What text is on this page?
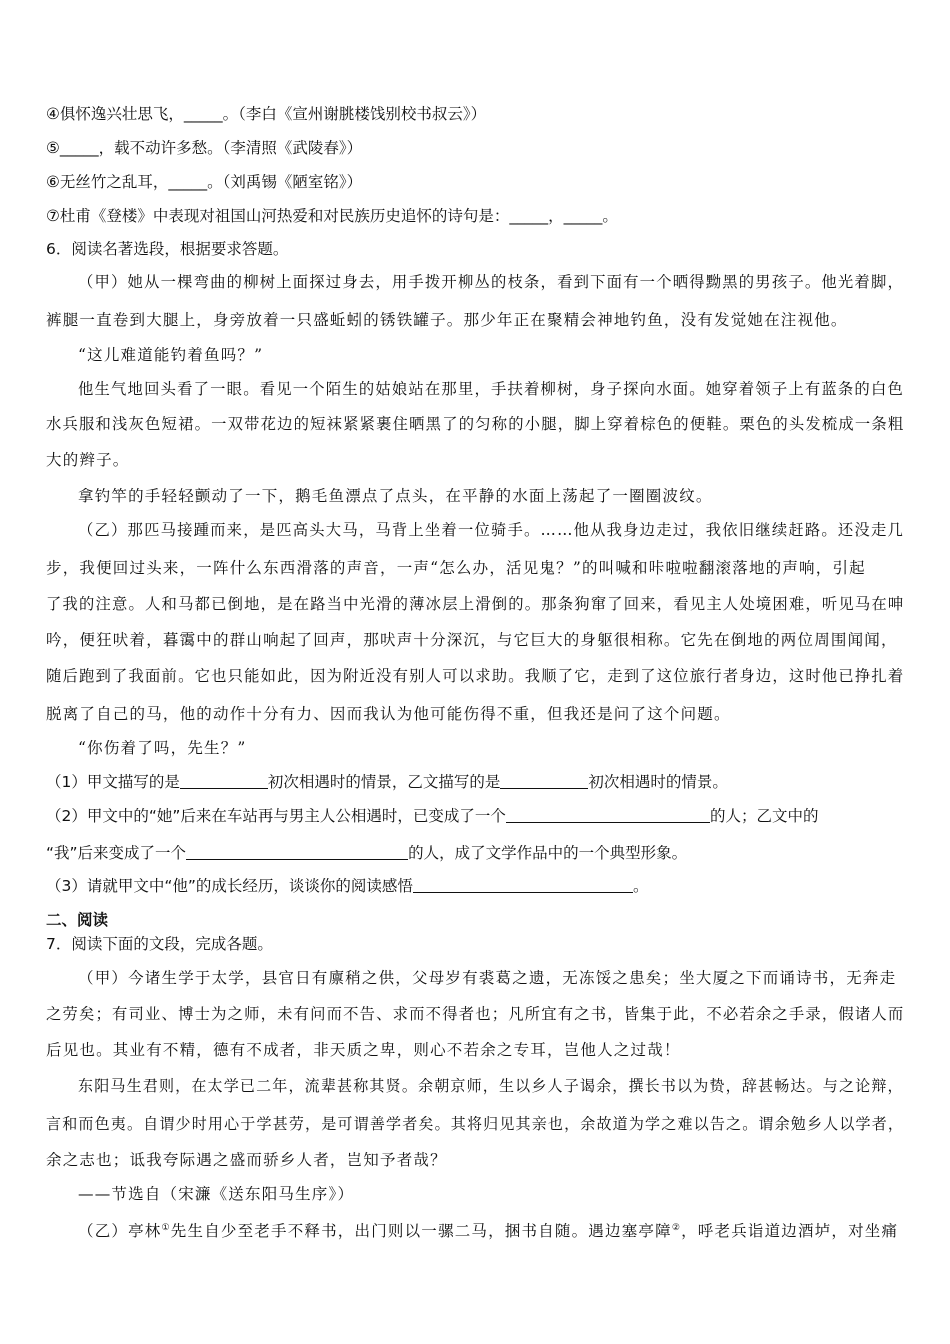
④俱怀逸兴壮思飞，_____。（李白《宣州谢朓楼饯别校书叔云》）
⑤_____，载不动许多愁。（李清照《武陵春》）
⑥无丝竹之乱耳，_____。（刘禹锡《陋室铭》）
⑦杜甫《登楼》中表现对祖国山河热爱和对民族历史追怀的诗句是：_____，_____。
6．阅读名著选段，根据要求答题。
（甲）她从一棵弯曲的柳树上面探过身去，用手拨开柳丛的枝条，看到下面有一个晒得黝黑的男孩子。他光着脚，
裤腿一直卷到大腿上，身旁放着一只盛蚯蚓的锈铁罐子。那少年正在聚精会神地钓鱼，没有发觉她在注视他。
“这儿难道能钓着鱼吗？”
他生气地回头看了一眼。看见一个陌生的姑娘站在那里，手扶着柳树，身子探向水面。她穿着领子上有蓝条的白色
水兵服和浅灰色短裙。一双带花边的短袜紧紧裹住晒黑了的匀称的小腿，脚上穿着棕色的便鞋。栗色的头发梳成一条粗
大的辫子。
拿钓竿的手轻轻颤动了一下，鹅毛鱼漂点了点头，在平静的水面上荡起了一圈圈波纹。
（乙）那匹马接踵而来，是匹高头大马，马背上坐着一位骑手。……他从我身边走过，我依旧继续赶路。还没走几
步，我便回过头来，一阵什么东西滑落的声音，一声“怎么办，活见鬼？”的叫喊和咔啦啦翻滚落地的声响，引起
了我的注意。人和马都已倒地，是在路当中光滑的薄冰层上滑倒的。那条狗窜了回来，看见主人处境困难，听见马在呻
吟，便狂吠着，暮霭中的群山响起了回声，那吠声十分深沉，与它巨大的身躯很相称。它先在倒地的两位周围闻闻，
随后跑到了我面前。它也只能如此，因为附近没有别人可以求助。我顺了它，走到了这位旅行者身边，这时他已挣扎着
脱离了自己的马，他的动作十分有力、因而我认为他可能伤得不重，但我还是问了这个问题。
“你伤着了吗，先生？”
（1）甲文描写的是	初次相遇时的情景，乙文描写的是	初次相遇时的情景。
（2）甲文中的“她”后来在车站再与男主人公相遇时，已变成了一个	的人；乙文中的
“我”后来变成了一个	的人，成了文学作品中的一个典型形象。
（3）请就甲文中“他”的成长经历，谈谈你的阅读感悟	。
二、阅读
7．阅读下面的文段，完成各题。
（甲）今诸生学于太学，县官日有廪稍之供，父母岁有裘葛之遗，无冻馁之患矣；坐大厦之下而诵诗书，无奔走
之劳矣；有司业、博士为之师，未有问而不告、求而不得者也；凡所宜有之书，皆集于此，不必若余之手录，假诸人而
后见也。其业有不精，德有不成者，非天质之卑，则心不若余之专耳，岂他人之过哉！
东阳马生君则，在太学已二年，流辈甚称其贤。余朝京师，生以乡人子谒余，撰长书以为贽，辞甚畅达。与之论辩，
言和而色夷。自谓少时用心于学甚劳，是可谓善学者矣。其将归见其亲也，余故道为学之难以告之。谓余勉乡人以学者，
余之志也；诋我夸际遇之盛而骄乡人者，岂知予者哉？
——节选自（宋濂《送东阳马生序》）
（乙）亭林①先生自少至老手不释书，出门则以一骡二马，捆书自随。遇边塞亭障②，呼老兵诣道边酒垆，对坐痛
